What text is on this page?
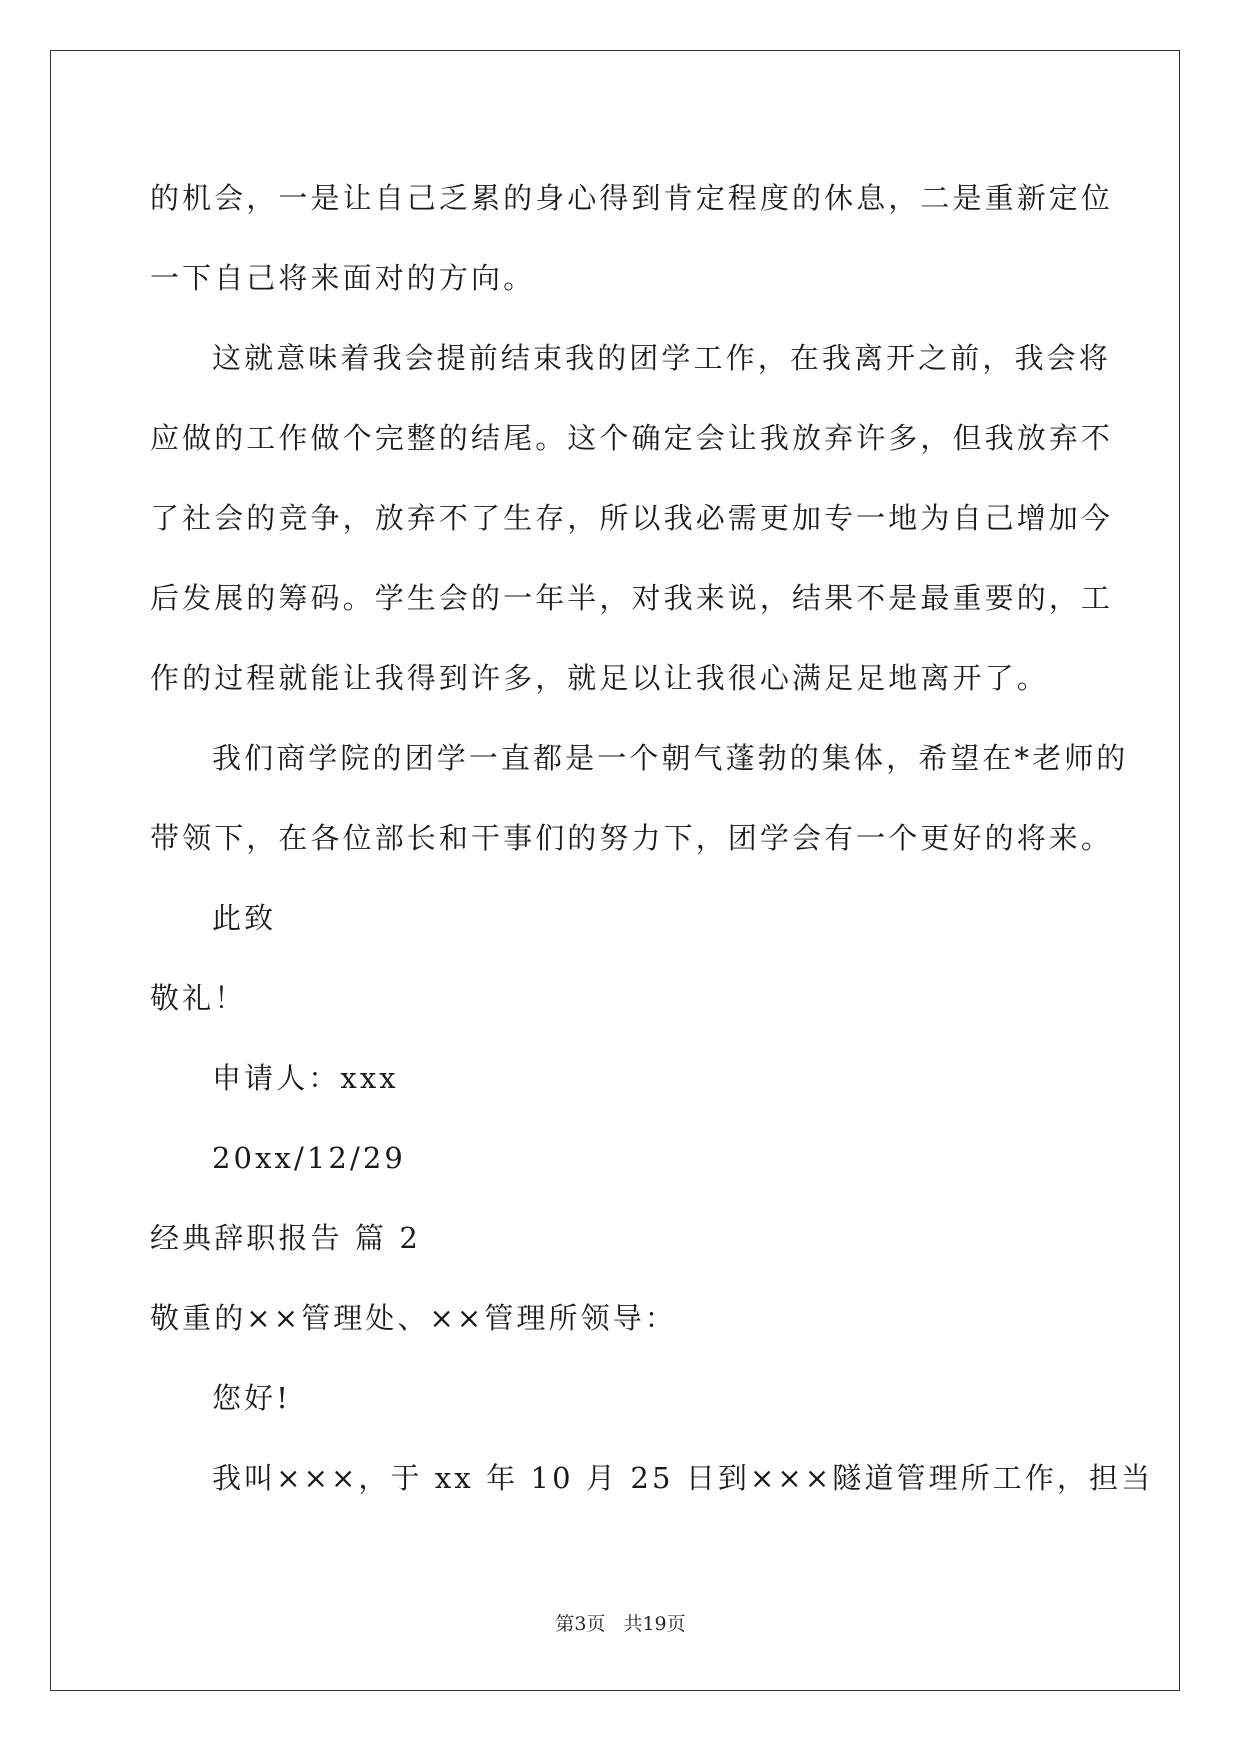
的机会，一是让自己乏累的身心得到肯定程度的休息，二是重新定位

一下自己将来面对的方向。

这就意味着我会提前结束我的团学工作，在我离开之前，我会将

应做的工作做个完整的结尾。这个确定会让我放弃许多，但我放弃不

了社会的竞争，放弃不了生存，所以我必需更加专一地为自己增加今

后发展的筹码。学生会的一年半，对我来说，结果不是最重要的，工

作的过程就能让我得到许多，就足以让我很心满足足地离开了。

我们商学院的团学一直都是一个朝气蓬勃的集体，希望在*老师的

带领下，在各位部长和干事们的努力下，团学会有一个更好的将来。

此致

敬礼！

申请人：xxx

20xx/12/29

经典辞职报告 篇 2

敬重的××管理处、××管理所领导：

您好!

我叫×××，于 xx 年 10 月 25 日到×××隧道管理所工作，担当

第3页 共19页
